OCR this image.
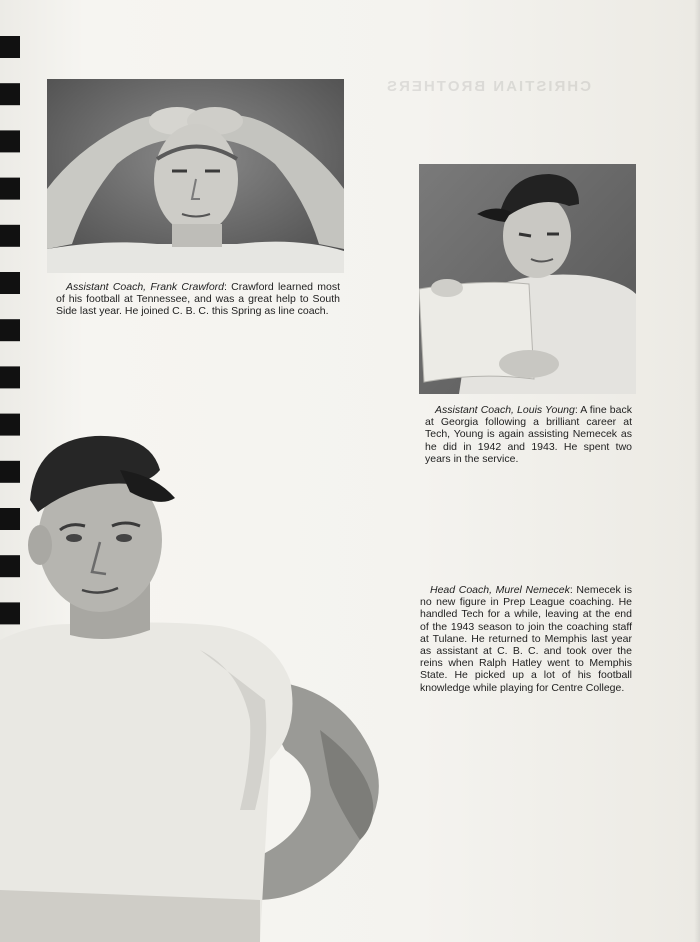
CHRISTIAN BROTHERS
Assistant Coach, Frank Crawford: Crawford learned most of his football at Tennessee, and was a great help to South Side last year. He joined C. B. C. this Spring as line coach.
Assistant Coach, Louis Young: A fine back at Georgia following a brilliant career at Tech, Young is again assisting Nemecek as he did in 1942 and 1943. He spent two years in the service.
Head Coach, Murel Nemecek: Nemecek is no new figure in Prep League coaching. He handled Tech for a while, leaving at the end of the 1943 season to join the coaching staff at Tulane. He returned to Memphis last year as assistant at C. B. C. and took over the reins when Ralph Hatley went to Memphis State. He picked up a lot of his football knowledge while playing for Centre College.
